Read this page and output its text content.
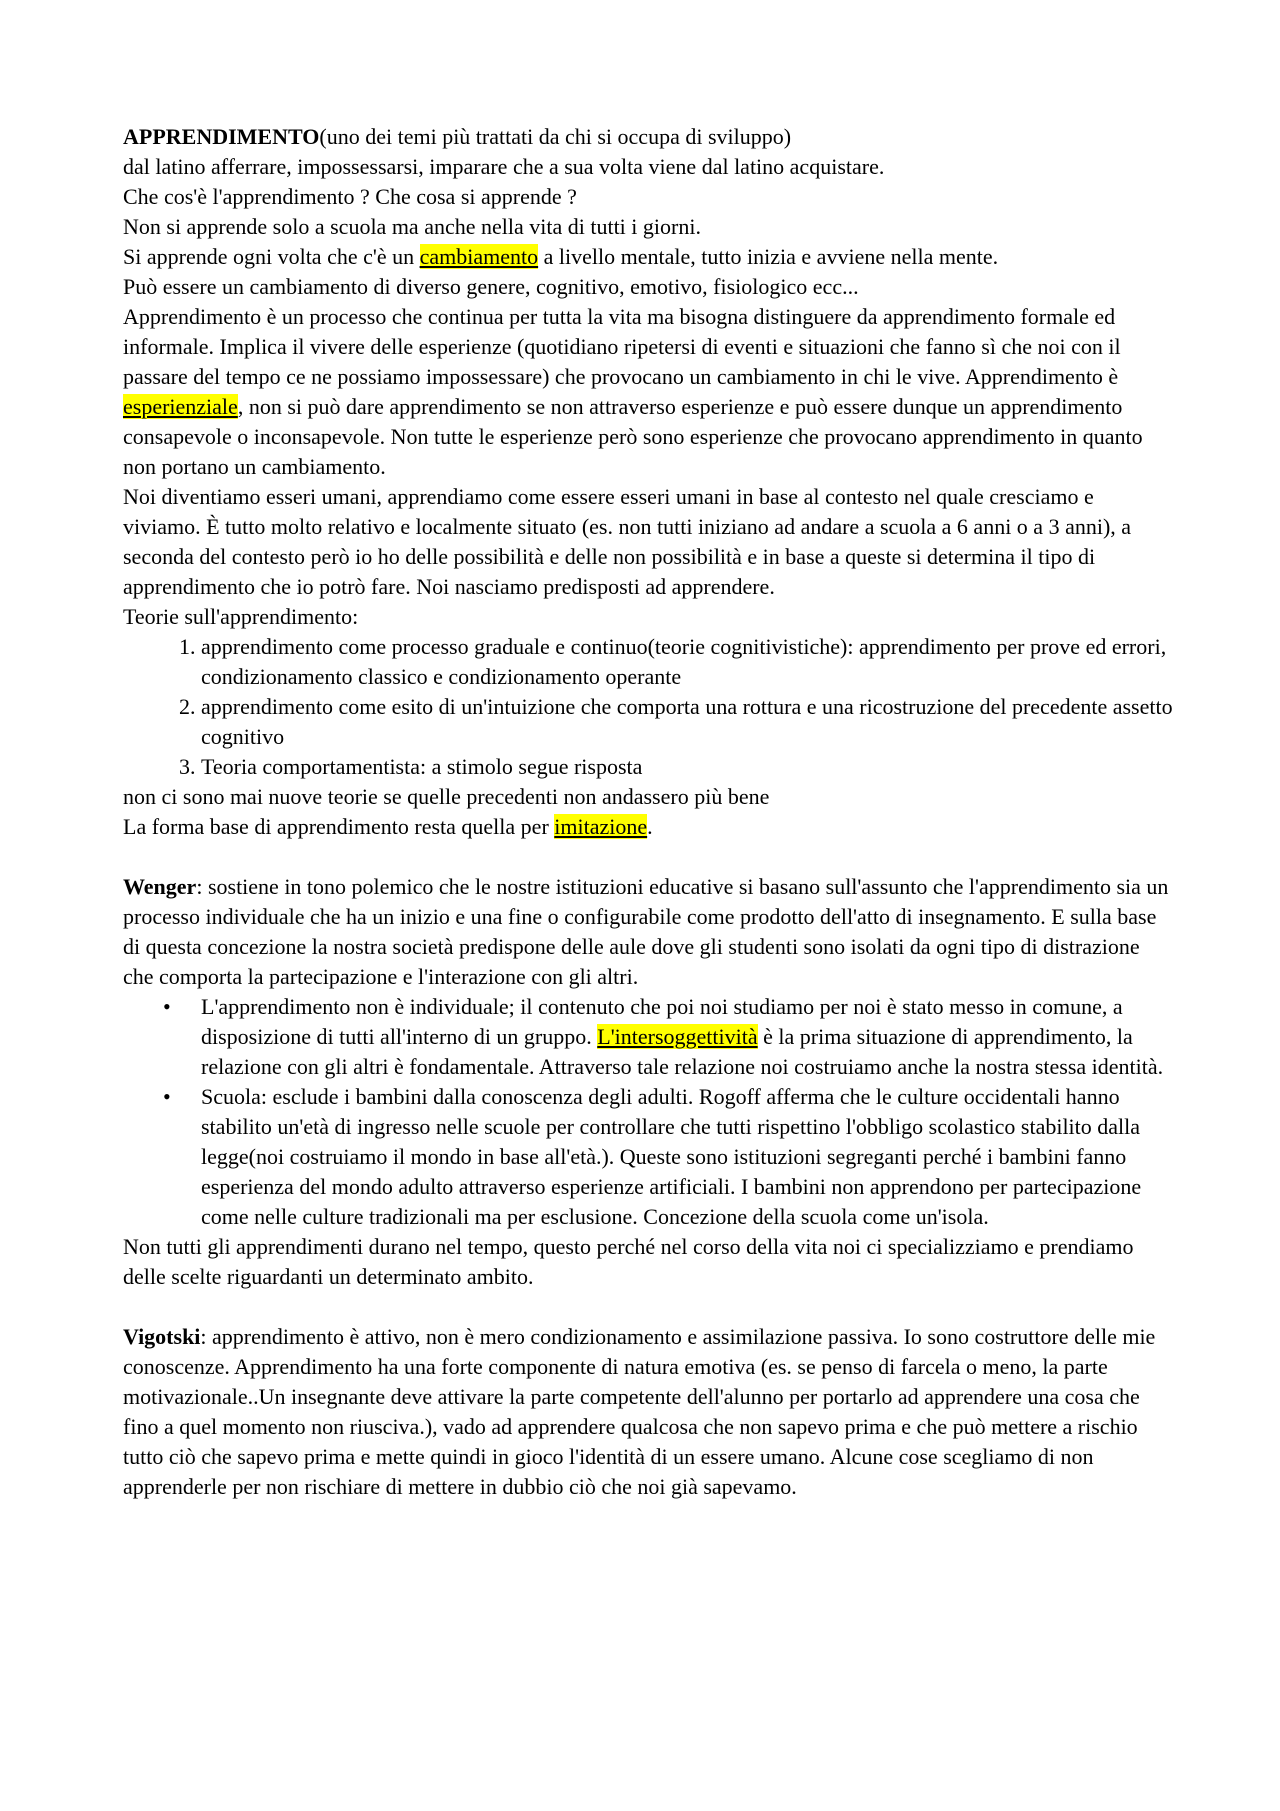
APPRENDIMENTO(uno dei temi più trattati da chi si occupa di sviluppo)

dal latino afferrare, impossessarsi, imparare che a sua volta viene dal latino acquistare.

Che cos'è l'apprendimento ? Che cosa si apprende ?

Non si apprende solo a scuola ma anche nella vita di tutti i giorni.

Si apprende ogni volta che c'è un cambiamento a livello mentale, tutto inizia e avviene nella mente.

Può essere un cambiamento di diverso genere, cognitivo, emotivo, fisiologico ecc...

Apprendimento è un processo che continua per tutta la vita ma bisogna distinguere da apprendimento formale ed informale. Implica il vivere delle esperienze (quotidiano ripetersi di eventi e situazioni che fanno sì che noi con il passare del tempo ce ne possiamo impossessare) che provocano un cambiamento in chi le vive. Apprendimento è esperienziale, non si può dare apprendimento se non attraverso esperienze e può essere dunque un apprendimento consapevole o inconsapevole. Non tutte le esperienze però sono esperienze che provocano apprendimento in quanto non portano un cambiamento.

Noi diventiamo esseri umani, apprendiamo come essere esseri umani in base al contesto nel quale cresciamo e viviamo. È tutto molto relativo e localmente situato (es. non tutti iniziano ad andare a scuola a 6 anni o a 3 anni), a seconda del contesto però io ho delle possibilità e delle non possibilità e in base a queste si determina il tipo di apprendimento che io potrò fare. Noi nasciamo predisposti ad apprendere.

Teorie sull'apprendimento:

1. apprendimento come processo graduale e continuo(teorie cognitivistiche): apprendimento per prove ed errori, condizionamento classico e condizionamento operante
2. apprendimento come esito di un'intuizione che comporta una rottura e una ricostruzione del precedente assetto cognitivo
3. Teoria comportamentista: a stimolo segue risposta

non ci sono mai nuove teorie se quelle precedenti non andassero più bene

La forma base di apprendimento resta quella per imitazione.

Wenger: sostiene in tono polemico che le nostre istituzioni educative si basano sull'assunto che l'apprendimento sia un processo individuale che ha un inizio e una fine o configurabile come prodotto dell'atto di insegnamento. E sulla base di questa concezione la nostra società predispone delle aule dove gli studenti sono isolati da ogni tipo di distrazione che comporta la partecipazione e l'interazione con gli altri.

• L'apprendimento non è individuale; il contenuto che poi noi studiamo per noi è stato messo in comune, a disposizione di tutti all'interno di un gruppo. L'intersoggettività è la prima situazione di apprendimento, la relazione con gli altri è fondamentale. Attraverso tale relazione noi costruiamo anche la nostra stessa identità.
• Scuola: esclude i bambini dalla conoscenza degli adulti. Rogoff afferma che le culture occidentali hanno stabilito un'età di ingresso nelle scuole per controllare che tutti rispettino l'obbligo scolastico stabilito dalla legge(noi costruiamo il mondo in base all'età.). Queste sono istituzioni segreganti perché i bambini fanno esperienza del mondo adulto attraverso esperienze artificiali. I bambini non apprendono per partecipazione come nelle culture tradizionali ma per esclusione. Concezione della scuola come un'isola.

Non tutti gli apprendimenti durano nel tempo, questo perché nel corso della vita noi ci specializziamo e prendiamo delle scelte riguardanti un determinato ambito.

Vigotski: apprendimento è attivo, non è mero condizionamento e assimilazione passiva. Io sono costruttore delle mie conoscenze. Apprendimento ha una forte componente di natura emotiva (es. se penso di farcela o meno, la parte motivazionale..Un insegnante deve attivare la parte competente dell'alunno per portarlo ad apprendere una cosa che fino a quel momento non riusciva.), vado ad apprendere qualcosa che non sapevo prima e che può mettere a rischio tutto ciò che sapevo prima e mette quindi in gioco l'identità di un essere umano. Alcune cose scegliamo di non apprenderle per non rischiare di mettere in dubbio ciò che noi già sapevamo.
